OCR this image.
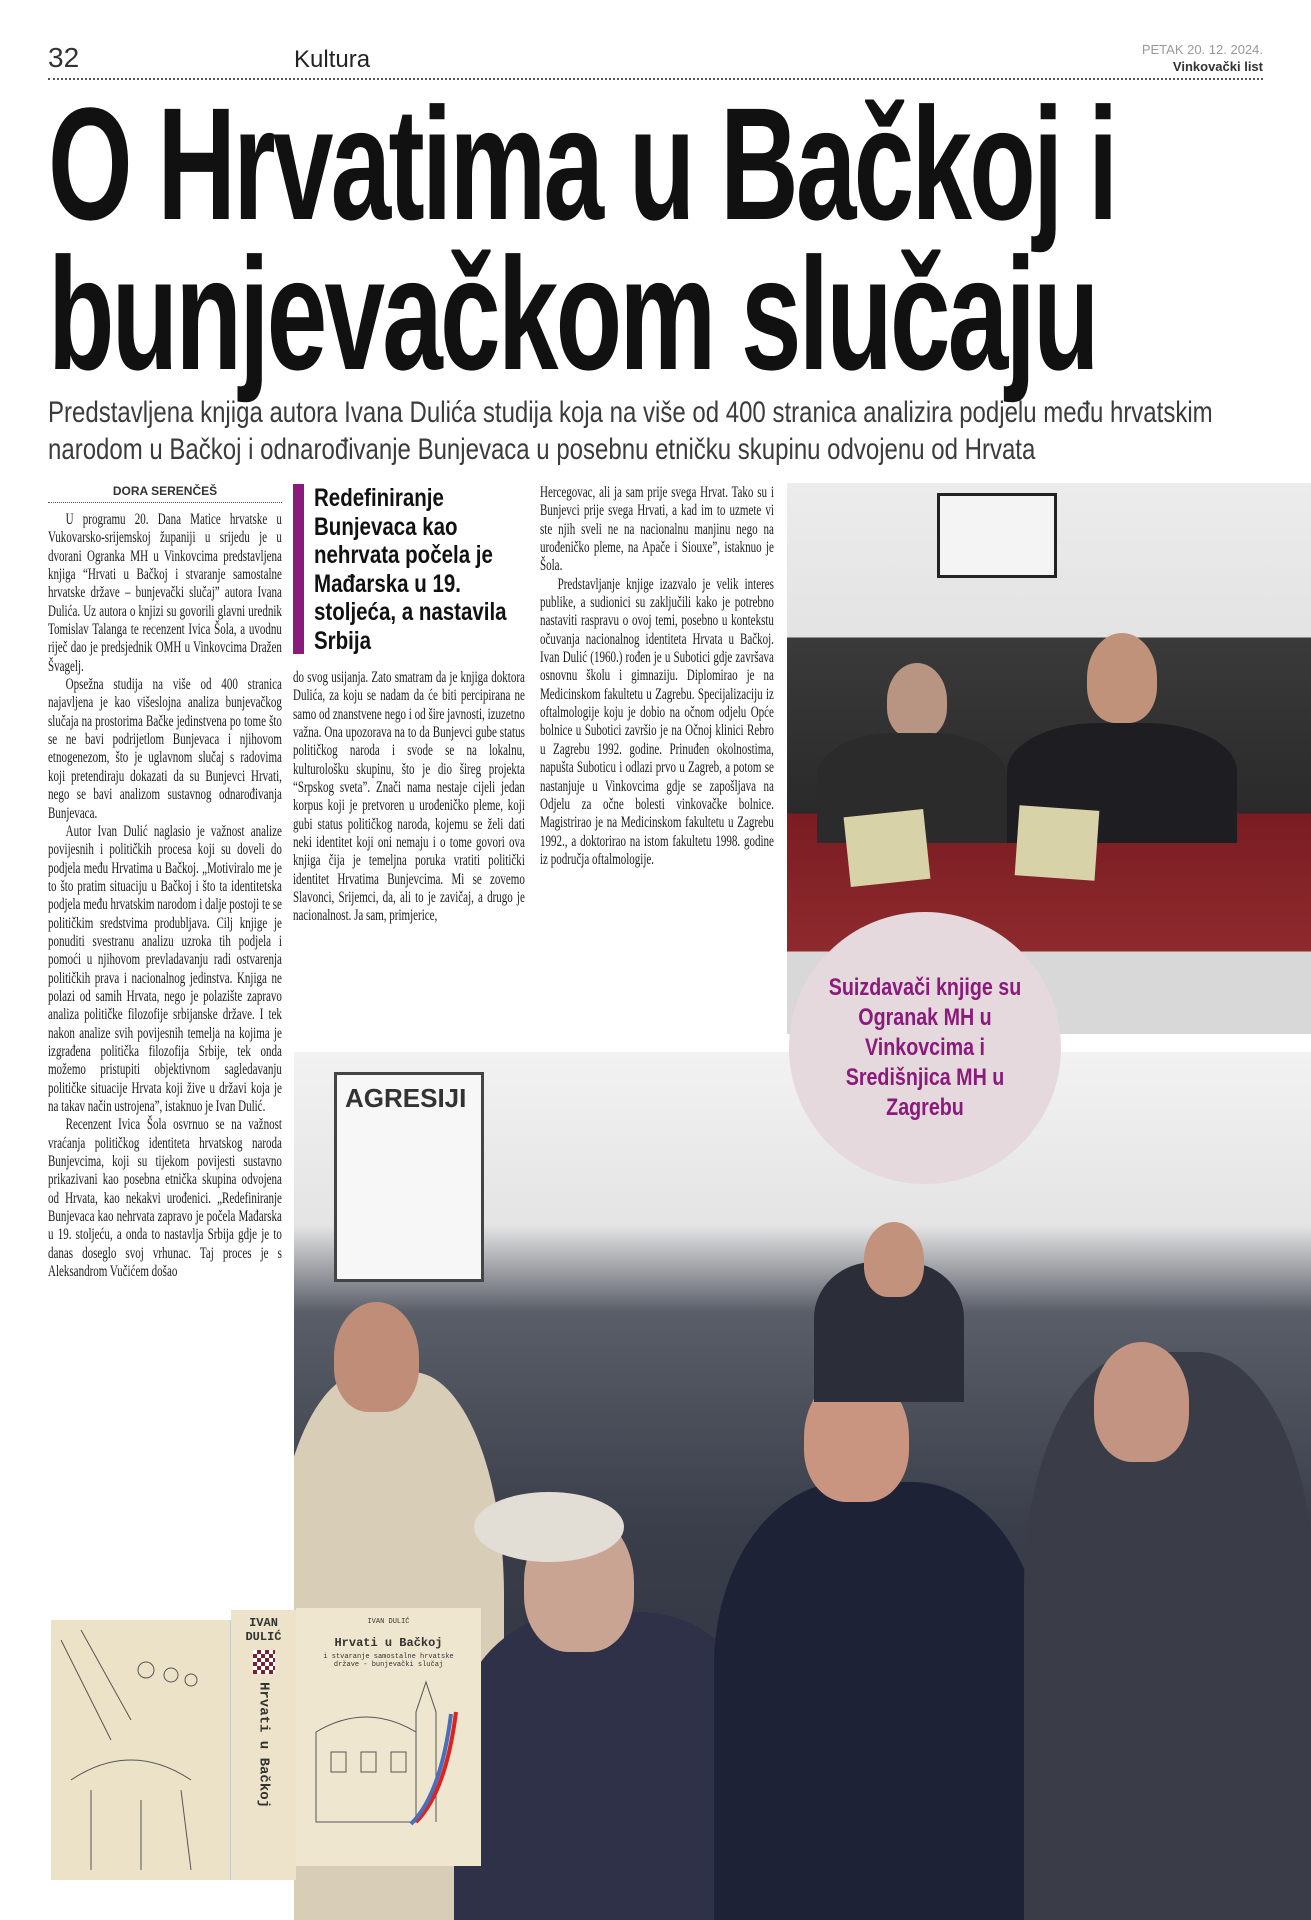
32	Kultura	PETAK 20. 12. 2024.
Vinkovački list
O Hrvatima u Bačkoj i
bunjevačkom slučaju
Predstavljena knjiga autora Ivana Dulića studija koja na više od 400 stranica analizira podjelu među hrvatskim narodom u Bačkoj i odnarođivanje Bunjevaca u posebnu etničku skupinu odvojenu od Hrvata
DORA SERENČEŠ

U programu 20. Dana Matice hrvatske u Vukovarsko-srijemskoj županiji u srijedu je u dvorani Ogranka MH u Vinkovcima predstavljena knjiga “Hrvati u Bačkoj i stvaranje samostalne hrvatske države – bunjevački slučaj” autora Ivana Dulića. Uz autora o knjizi su govorili glavni urednik Tomislav Talanga te recenzent Ivica Šola, a uvodnu riječ dao je predsjednik OMH u Vinkovcima Dražen Švagelj.

Opsežna studija na više od 400 stranica najavljena je kao višeslojna analiza bunjevačkog slučaja na prostorima Bačke jedinstvena po tome što se ne bavi podrijetlom Bunjevaca i njihovom etnogenezom, što je uglavnom slučaj s radovima koji pretendiraju dokazati da su Bunjevci Hrvati, nego se bavi analizom sustavnog odnarođivanja Bunjevaca.

Autor Ivan Dulić naglasio je važnost analize povijesnih i političkih procesa koji su doveli do podjela među Hrvatima u Bačkoj. „Motiviralo me je to što pratim situaciju u Bačkoj i što ta identitetska podjela među hrvatskim narodom i dalje postoji te se političkim sredstvima produbljava. Cilj knjige je ponuditi svestranu analizu uzroka tih podjela i pomoći u njihovom prevladavanju radi ostvarenja političkih prava i nacionalnog jedinstva. Knjiga ne polazi od samih Hrvata, nego je polazište zapravo analiza političke filozofije srbijanske države. I tek nakon analize svih povijesnih temelja na kojima je izgrađena politička filozofija Srbije, tek onda možemo pristupiti objektivnom sagledavanju političke situacije Hrvata koji žive u državi koja je na takav način ustrojena”, istaknuo je Ivan Dulić.

Recenzent Ivica Šola osvrnuo se na važnost vraćanja političkog identiteta hrvatskog naroda Bunjevcima, koji su tijekom povijesti sustavno prikazivani kao posebna etnička skupina odvojena od Hrvata, kao nekakvi urođenici. „Redefiniranje Bunjevaca kao nehrvata zapravo je počela Mađarska u 19. stoljeću, a onda to nastavlja Srbija gdje je to danas doseglo svoj vrhunac. Taj proces je s Aleksandrom Vučićem došao

Redefiniranje Bunjevaca kao nehrvata počela je Mađarska u 19. stoljeća, a nastavila Srbija

do svog usijanja. Zato smatram da je knjiga doktora Dulića, za koju se nadam da će biti percipirana ne samo od znanstvene nego i od šire javnosti, izuzetno važna. Ona upozorava na to da Bunjevci gube status političkog naroda i svode se na lokalnu, kulturološku skupinu, što je dio šireg projekta “Srpskog sveta”. Znači nama nestaje cijeli jedan korpus koji je pretvoren u urođeničko pleme, koji gubi status političkog naroda, kojemu se želi dati neki identitet koji oni nemaju i o tome govori ova knjiga čija je temeljna poruka vratiti politički identitet Hrvatima Bunjevcima. Mi se zovemo Slavonci, Srijemci, da, ali to je zavičaj, a drugo je nacionalnost. Ja sam, primjerice,

Hercegovac, ali ja sam prije svega Hrvat. Tako su i Bunjevci prije svega Hrvati, a kad im to uzmete vi ste njih sveli ne na nacionalnu manjinu nego na urođeničko pleme, na Apače i Siouxe”, istaknuo je Šola.

Predstavljanje knjige izazvalo je velik interes publike, a sudionici su zaključili kako je potrebno nastaviti raspravu o ovoj temi, posebno u kontekstu očuvanja nacionalnog identiteta Hrvata u Bačkoj. Ivan Dulić (1960.) rođen je u Subotici gdje završava osnovnu školu i gimnaziju. Diplomirao je na Medicinskom fakultetu u Zagrebu. Specijalizaciju iz oftalmologije koju je dobio na očnom odjelu Opće bolnice u Subotici završio je na Očnoj klinici Rebro u Zagrebu 1992. godine. Prinuđen okolnostima, napušta Suboticu i odlazi prvo u Zagreb, a potom se nastanjuje u Vinkovcima gdje se zapošljava na Odjelu za očne bolesti vinkovačke bolnice. Magistrirao je na Medicinskom fakultetu u Zagrebu 1992., a doktorirao na istom fakultetu 1998. godine iz područja oftalmologije.

AGRESIJI
Suizdavači knjige su Ogranak MH u Vinkovcima i Središnjica MH u Zagrebu
IVAN DULIĆ
Hrvati u Bačkoj
IVAN DULIĆ
Hrvati u Bačkoj
i stvaranje samostalne hrvatske države - bunjevački slučaj
